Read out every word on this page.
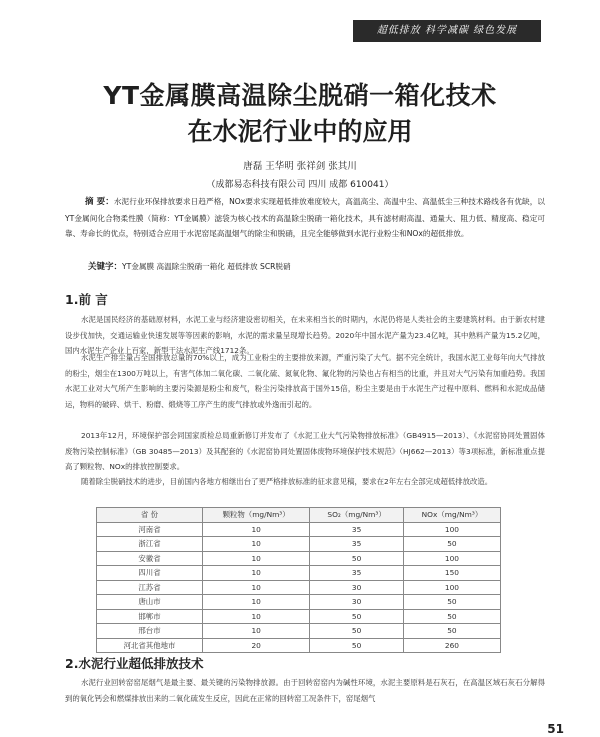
超低排放 科学减碳 绿色发展
YT金属膜高温除尘脱硝一箱化技术
在水泥行业中的应用
唐磊 王华明 张祥剑 张其川
（成都易态科技有限公司 四川 成都 610041）
摘 要：水泥行业环保排放要求日趋严格，NOx要求实现超低排放难度较大，高温高尘、高温中尘、高温低尘三种技术路线各有优缺，以YT金属间化合物柔性膜（简称：YT金属膜）滤袋为核心技术的高温除尘脱硝一箱化技术，具有滤材耐高温、通量大、阻力低、精度高、稳定可靠、寿命长的优点，特别适合应用于水泥窑尾高温烟气的除尘和脱硝，且完全能够做到水泥行业粉尘和NOx的超低排放。
关键字：YT金属膜 高温除尘脱硝一箱化 超低排放 SCR脱硝
1.前 言
水泥是国民经济的基础原材料，水泥工业与经济建设密切相关，在未来相当长的时期内，水泥仍将是人类社会的主要建筑材料。由于新农村建设步伐加快，交通运输业快速发展等等因素的影响，水泥的需求量呈现增长趋势。2020年中国水泥产量为23.4亿吨，其中熟料产量为15.2亿吨，国内水泥生产企业上百家，新型干法水泥生产线1712条。
水泥生产排尘量占全国排放总量的70%以上，成为工业粉尘的主要排放来源，严重污染了大气。据不完全统计，我国水泥工业每年向大气排放的粉尘，烟尘在1300万吨以上，有害气体加二氧化碳、二氧化硫、氮氧化物、氟化物的污染也占有相当的比重，并且对大气污染有加重趋势。我国水泥工业对大气所产生影响的主要污染源是粉尘和废气，粉尘污染排放高于国外15倍，粉尘主要是由于水泥生产过程中原料、燃料和水泥成品储运，物料的破碎、烘干、粉磨、煅烧等工序产生的废气排放或外逸而引起的。
2013年12月，环境保护部会同国家质检总局重新修订并发布了《水泥工业大气污染物排放标准》（GB4915—2013）、《水泥窑协同处置固体废物污染控制标准》（GB 30485—2013）及其配套的《水泥窑协同处置固体废物环境保护技术规范》（HJ662—2013）等3项标准，新标准重点提高了颗粒物、NOx的排放控制要求。
随着除尘脱硝技术的进步，目前国内各地方相继出台了更严格排放标准的征求意见稿，要求在2年左右全部完成超低排放改造。
省 份	颗粒物（mg/Nm³）	SO₂（mg/Nm³）	NOx（mg/Nm³）
河南省	10	35	100
浙江省	10	35	50
安徽省	10	50	100
四川省	10	35	150
江苏省	10	30	100
唐山市	10	30	50
邯郸市	10	50	50
邢台市	10	50	50
河北省其他地市	20	50	260
2.水泥行业超低排放技术
水泥行业回转窑窑尾烟气是最主要、最关键的污染物排放源。由于回转窑窑内为碱性环境，水泥主要原料是石灰石，在高温区域石灰石分解得到的氧化钙会和燃煤排放出来的二氧化硫发生反应，因此在正常的回转窑工况条件下，窑尾烟气
51
